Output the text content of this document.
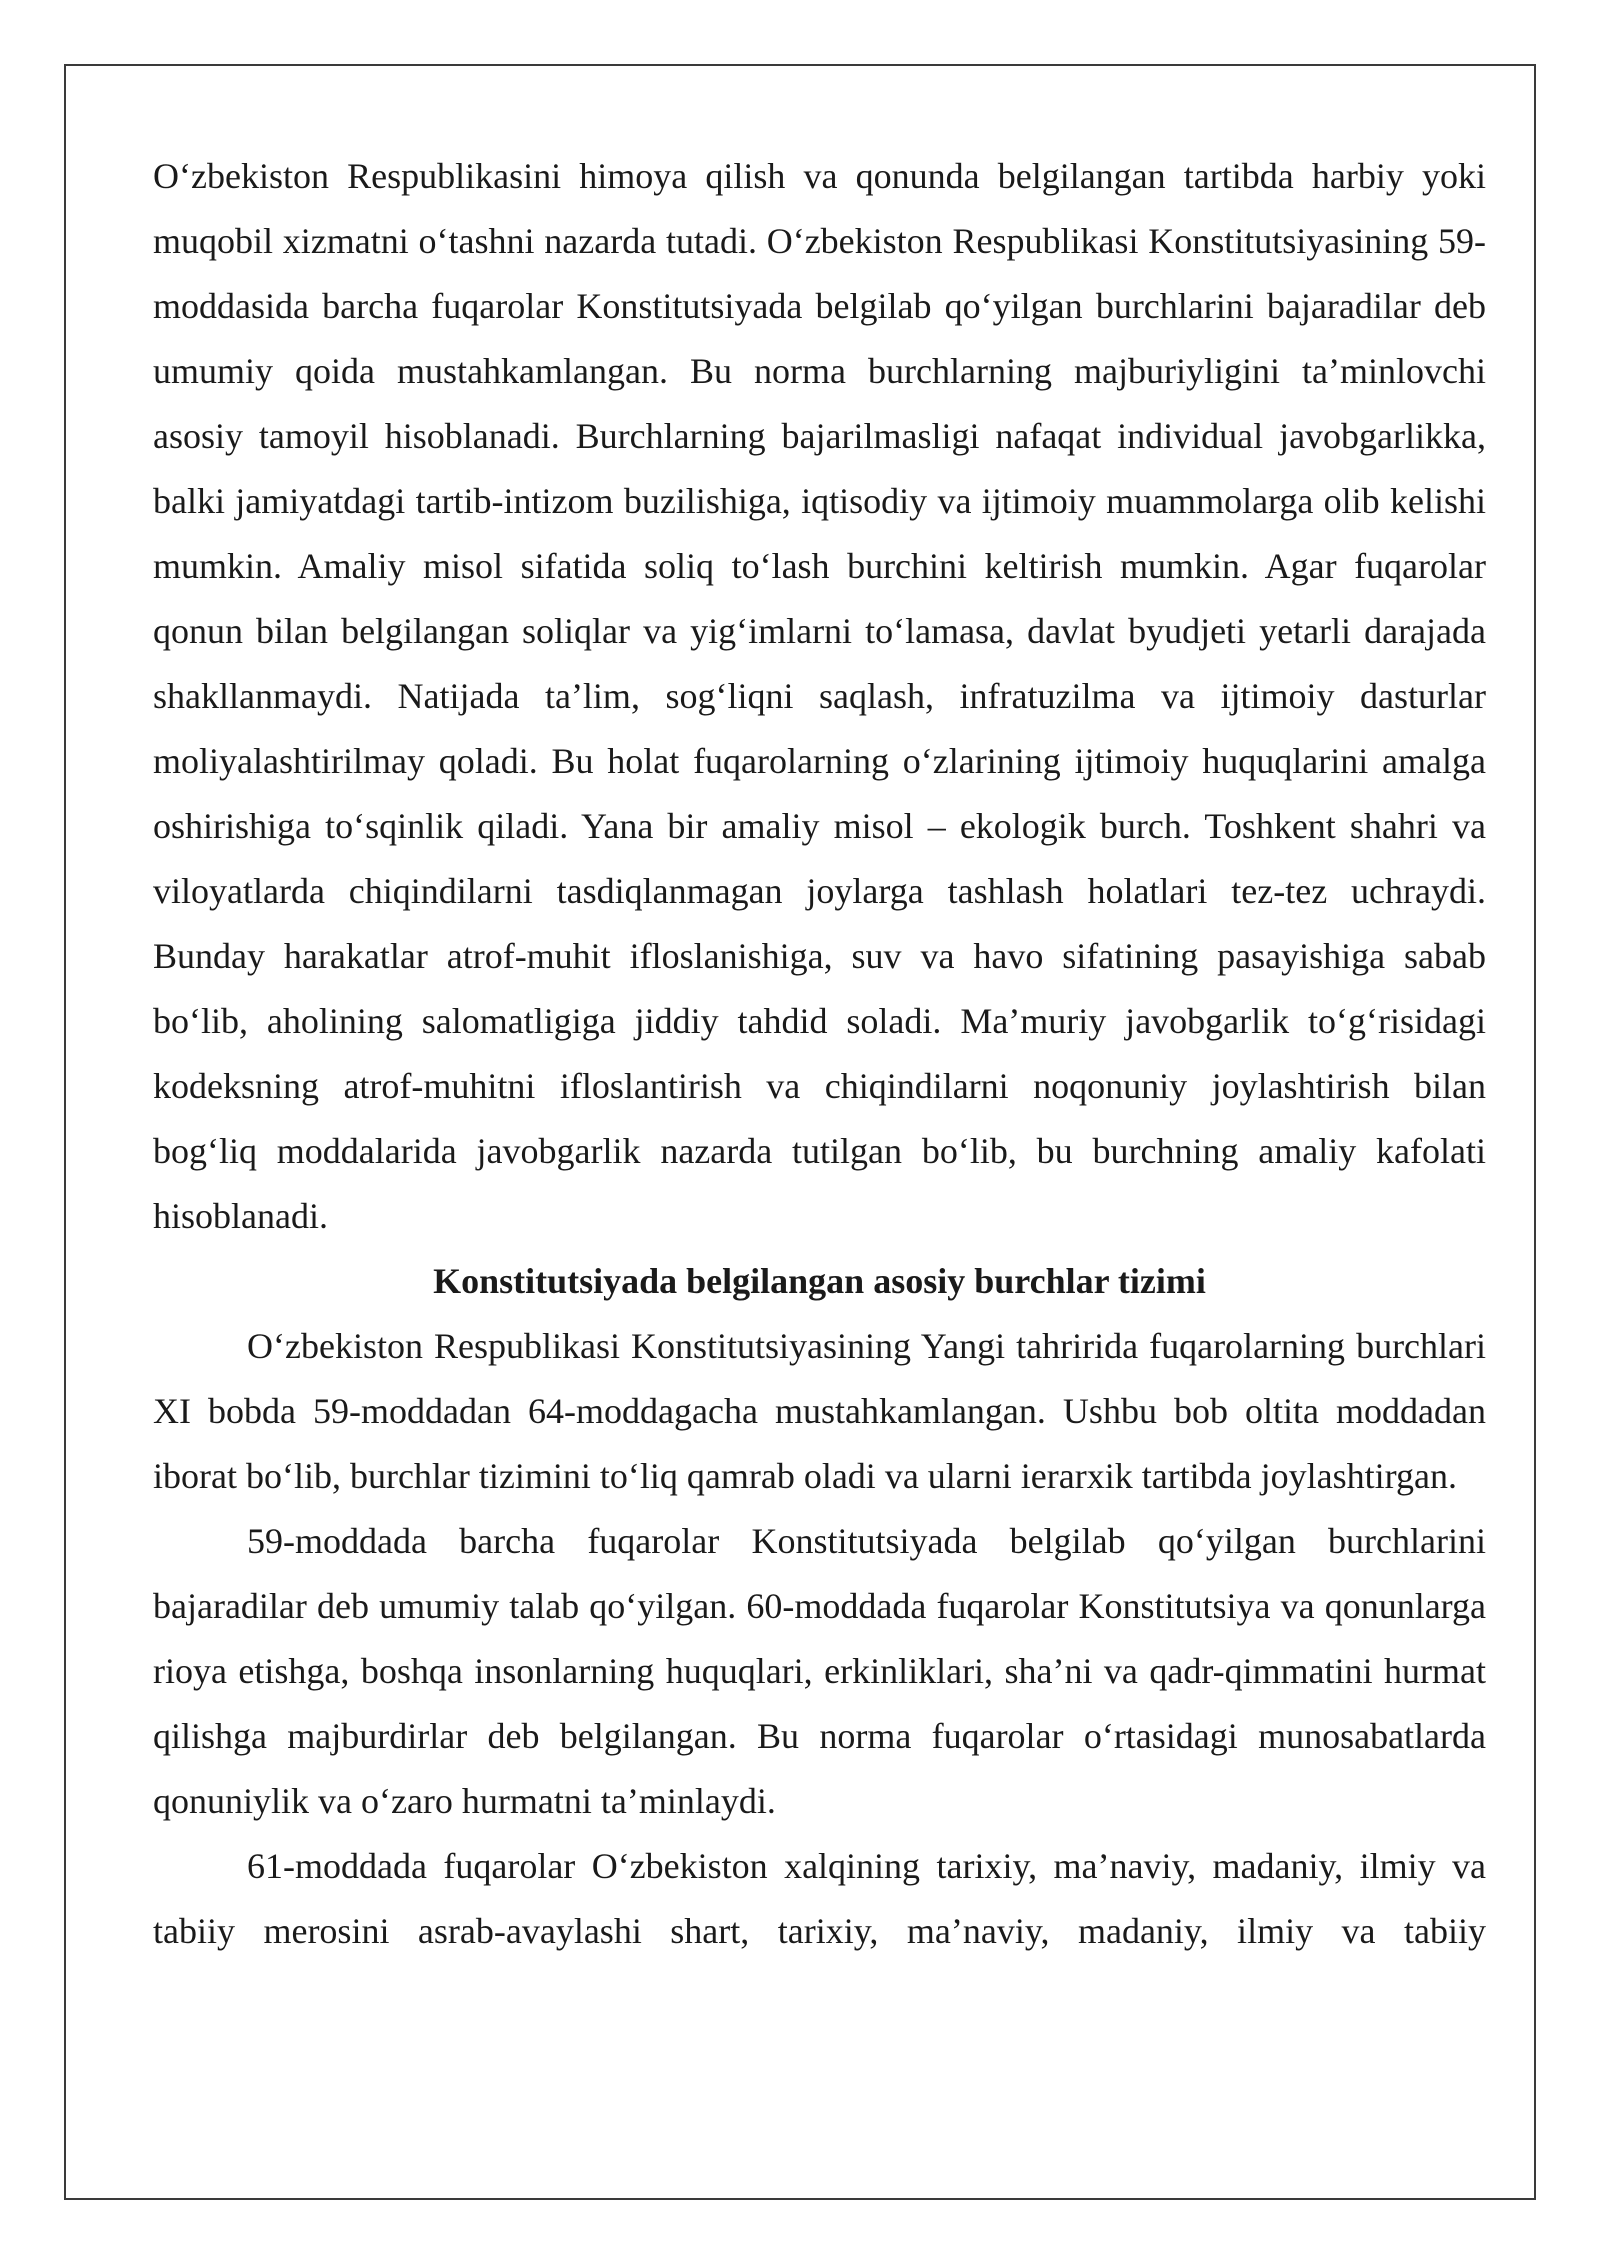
O‘zbekiston Respublikasini himoya qilish va qonunda belgilangan tartibda harbiy yoki muqobil xizmatni o‘tashni nazarda tutadi. O‘zbekiston Respublikasi Konstitutsiyasining 59-moddasida barcha fuqarolar Konstitutsiyada belgilab qo‘yilgan burchlarini bajaradilar deb umumiy qoida mustahkamlangan. Bu norma burchlarning majburiyligini ta’minlovchi asosiy tamoyil hisoblanadi. Burchlarning bajarilmasligi nafaqat individual javobgarlikka, balki jamiyatdagi tartib-intizom buzilishiga, iqtisodiy va ijtimoiy muammolarga olib kelishi mumkin. Amaliy misol sifatida soliq to‘lash burchini keltirish mumkin. Agar fuqarolar qonun bilan belgilangan soliqlar va yig‘imlarni to‘lamasa, davlat byudjeti yetarli darajada shakllanmaydi. Natijada ta’lim, sog‘liqni saqlash, infratuzilma va ijtimoiy dasturlar moliyalashtirilmay qoladi. Bu holat fuqarolarning o‘zlarining ijtimoiy huquqlarini amalga oshirishiga to‘sqinlik qiladi. Yana bir amaliy misol – ekologik burch. Toshkent shahri va viloyatlarda chiqindilarni tasdiqlanmagan joylarga tashlash holatlari tez-tez uchraydi. Bunday harakatlar atrof-muhit ifloslanishiga, suv va havo sifatining pasayishiga sabab bo‘lib, aholining salomatligiga jiddiy tahdid soladi. Ma’muriy javobgarlik to‘g‘risidagi kodeksning atrof-muhitni ifloslantirish va chiqindilarni noqonuniy joylashtirish bilan bog‘liq moddalarida javobgarlik nazarda tutilgan bo‘lib, bu burchning amaliy kafolati hisoblanadi.

Konstitutsiyada belgilangan asosiy burchlar tizimi

O‘zbekiston Respublikasi Konstitutsiyasining Yangi tahririda fuqarolarning burchlari XI bobda 59-moddadan 64-moddagacha mustahkamlangan. Ushbu bob oltita moddadan iborat bo‘lib, burchlar tizimini to‘liq qamrab oladi va ularni ierarxik tartibda joylashtirgan.

59-moddada barcha fuqarolar Konstitutsiyada belgilab qo‘yilgan burchlarini bajaradilar deb umumiy talab qo‘yilgan. 60-moddada fuqarolar Konstitutsiya va qonunlarga rioya etishga, boshqa insonlarning huquqlari, erkinliklari, sha’ni va qadr-qimmatini hurmat qilishga majburdirlar deb belgilangan. Bu norma fuqarolar o‘rtasidagi munosabatlarda qonuniylik va o‘zaro hurmatni ta’minlaydi.

61-moddada fuqarolar O‘zbekiston xalqining tarixiy, ma’naviy, madaniy, ilmiy va tabiiy merosini asrab-avaylashi shart, tarixiy, ma’naviy, madaniy, ilmiy va tabiiy
